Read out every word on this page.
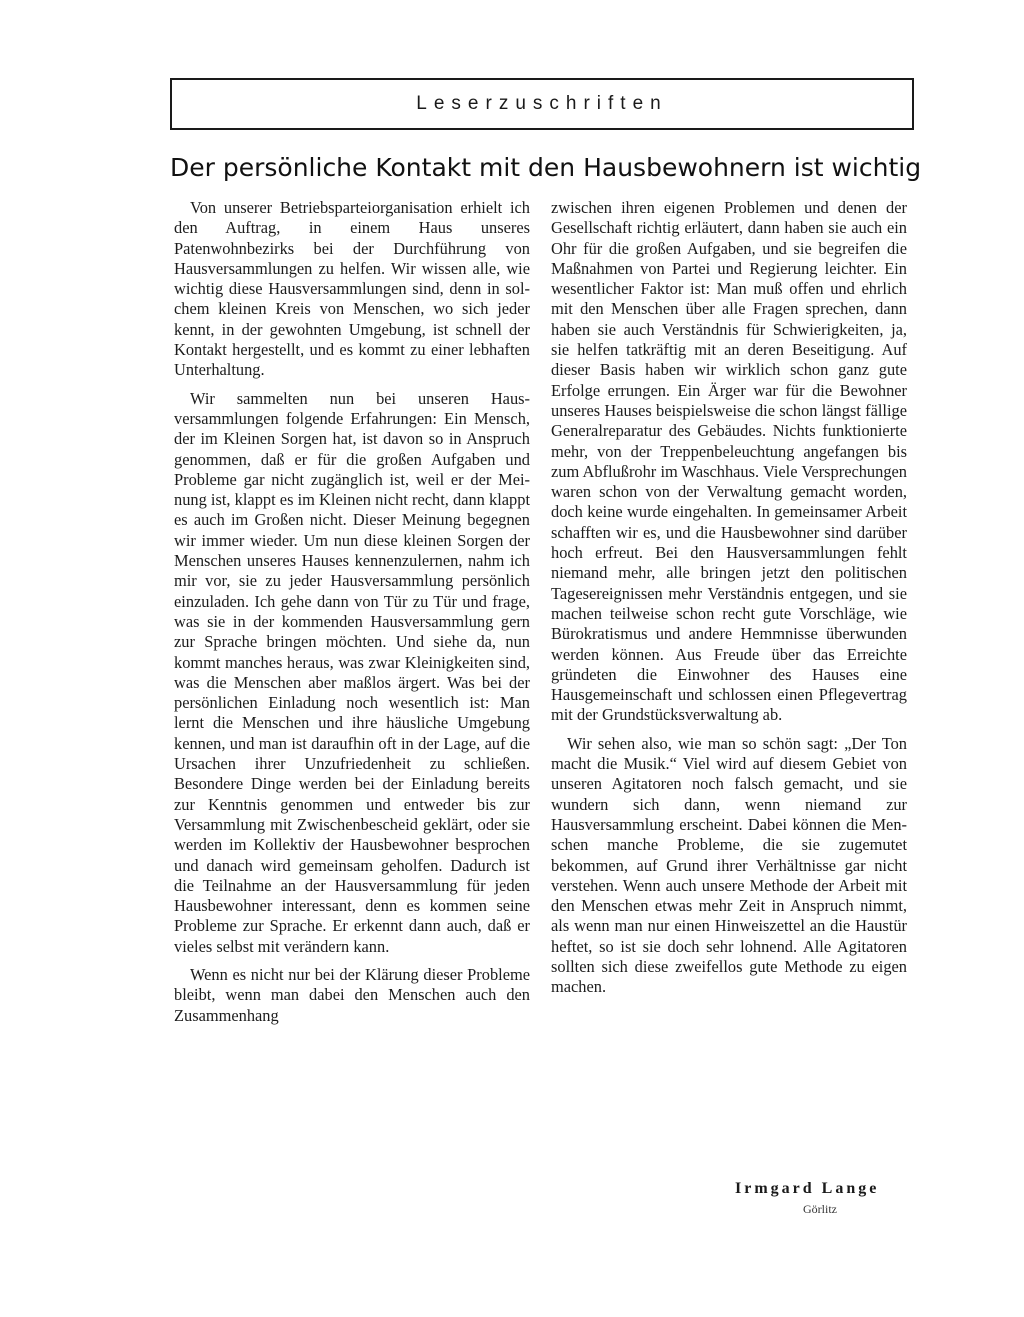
Leserzuschriften
Der persönliche Kontakt mit den Hausbewohnern ist wichtig

Von unserer Betriebsparteiorganisation erhielt ich den Auftrag, in einem Haus unseres Patenwohnbezirks bei der Durchführung von Hausversammlungen zu helfen. Wir wissen alle, wie wichtig diese Hausversammlungen sind, denn in solchem kleinen Kreis von Menschen, wo sich jeder kennt, in der gewohnten Umgebung, ist schnell der Kontakt hergestellt, und es kommt zu einer lebhaften Unterhaltung.

Wir sammelten nun bei unseren Hausversammlungen folgende Erfahrungen: Ein Mensch, der im Kleinen Sorgen hat, ist davon so in Anspruch genommen, daß er für die großen Aufgaben und Probleme gar nicht zugänglich ist, weil er der Meinung ist, klappt es im Kleinen nicht recht, dann klappt es auch im Großen nicht. Dieser Meinung begegnen wir immer wieder. Um nun diese kleinen Sorgen der Menschen unseres Hauses kennenzulernen, nahm ich mir vor, sie zu jeder Hausversammlung persönlich einzuladen. Ich gehe dann von Tür zu Tür und frage, was sie in der kommenden Hausversammlung gern zur Sprache bringen möchten. Und siehe da, nun kommt manches heraus, was zwar Kleinigkeiten sind, was die Menschen aber maßlos ärgert. Was bei der persönlichen Einladung noch wesentlich ist: Man lernt die Menschen und ihre häusliche Umgebung kennen, und man ist daraufhin oft in der Lage, auf die Ursachen ihrer Unzufriedenheit zu schließen. Besondere Dinge werden bei der Einladung bereits zur Kenntnis genommen und entweder bis zur Versammlung mit Zwischenbescheid geklärt, oder sie werden im Kollektiv der Hausbewohner besprochen und danach wird gemeinsam geholfen. Dadurch ist die Teilnahme an der Hausversammlung für jeden Hausbewohner interessant, denn es kommen seine Probleme zur Sprache. Er erkennt dann auch, daß er vieles selbst mit verändern kann.

Wenn es nicht nur bei der Klärung dieser Probleme bleibt, wenn man dabei den Menschen auch den Zusammenhang

zwischen ihren eigenen Problemen und denen der Gesellschaft richtig erläutert, dann haben sie auch ein Ohr für die großen Aufgaben, und sie begreifen die Maßnahmen von Partei und Regierung leichter. Ein wesentlicher Faktor ist: Man muß offen und ehrlich mit den Menschen über alle Fragen sprechen, dann haben sie auch Verständnis für Schwierigkeiten, ja, sie helfen tatkräftig mit an deren Beseitigung. Auf dieser Basis haben wir wirklich schon ganz gute Erfolge errungen. Ein Ärger war für die Bewohner unseres Hauses beispielsweise die schon längst fällige Generalreparatur des Gebäudes. Nichts funktionierte mehr, von der Treppenbeleuchtung angefangen bis zum Abflußrohr im Waschhaus. Viele Versprechungen waren schon von der Verwaltung gemacht worden, doch keine wurde eingehalten. In gemeinsamer Arbeit schafften wir es, und die Hausbewohner sind darüber hoch erfreut. Bei den Hausversammlungen fehlt niemand mehr, alle bringen jetzt den politischen Tagesereignissen mehr Verständnis entgegen, und sie machen teilweise schon recht gute Vorschläge, wie Bürokratismus und andere Hemmnisse überwunden werden können. Aus Freude über das Erreichte gründeten die Einwohner des Hauses eine Hausgemeinschaft und schlossen einen Pflegevertrag mit der Grundstücksverwaltung ab.

Wir sehen also, wie man so schön sagt: „Der Ton macht die Musik.“ Viel wird auf diesem Gebiet von unseren Agitatoren noch falsch gemacht, und sie wundern sich dann, wenn niemand zur Hausversammlung erscheint. Dabei können die Menschen manche Probleme, die sie zugemutet bekommen, auf Grund ihrer Verhältnisse gar nicht verstehen. Wenn auch unsere Methode der Arbeit mit den Menschen etwas mehr Zeit in Anspruch nimmt, als wenn man nur einen Hinweiszettel an die Haustür heftet, so ist sie doch sehr lohnend. Alle Agitatoren sollten sich diese zweifellos gute Methode zu eigen machen.

Irmgard Lange
Görlitz
